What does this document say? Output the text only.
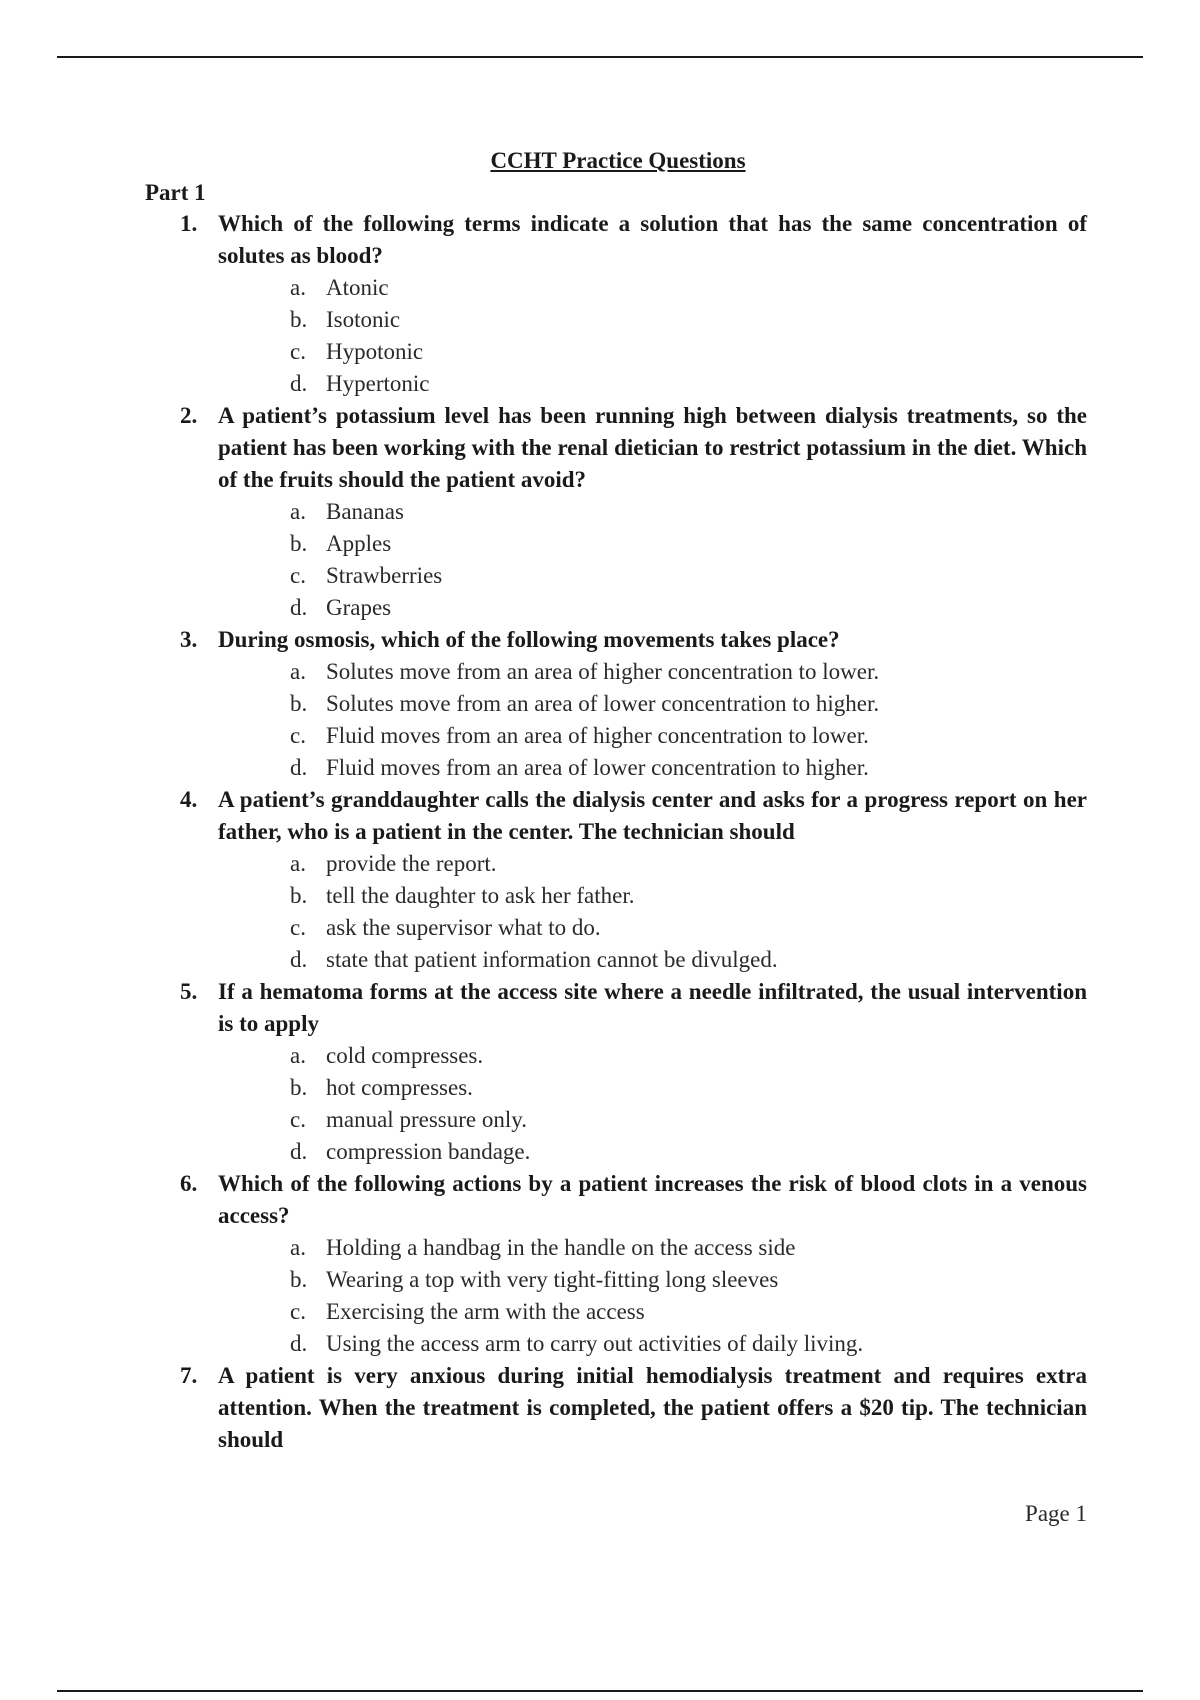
CCHT Practice Questions
Part 1
1. Which of the following terms indicate a solution that has the same concentration of solutes as blood?
a. Atonic
b. Isotonic
c. Hypotonic
d. Hypertonic
2. A patient’s potassium level has been running high between dialysis treatments, so the patient has been working with the renal dietician to restrict potassium in the diet. Which of the fruits should the patient avoid?
a. Bananas
b. Apples
c. Strawberries
d. Grapes
3. During osmosis, which of the following movements takes place?
a. Solutes move from an area of higher concentration to lower.
b. Solutes move from an area of lower concentration to higher.
c. Fluid moves from an area of higher concentration to lower.
d. Fluid moves from an area of lower concentration to higher.
4. A patient’s granddaughter calls the dialysis center and asks for a progress report on her father, who is a patient in the center. The technician should
a. provide the report.
b. tell the daughter to ask her father.
c. ask the supervisor what to do.
d. state that patient information cannot be divulged.
5. If a hematoma forms at the access site where a needle infiltrated, the usual intervention is to apply
a. cold compresses.
b. hot compresses.
c. manual pressure only.
d. compression bandage.
6. Which of the following actions by a patient increases the risk of blood clots in a venous access?
a. Holding a handbag in the handle on the access side
b. Wearing a top with very tight-fitting long sleeves
c. Exercising the arm with the access
d. Using the access arm to carry out activities of daily living.
7. A patient is very anxious during initial hemodialysis treatment and requires extra attention. When the treatment is completed, the patient offers a $20 tip. The technician should
Page 1
